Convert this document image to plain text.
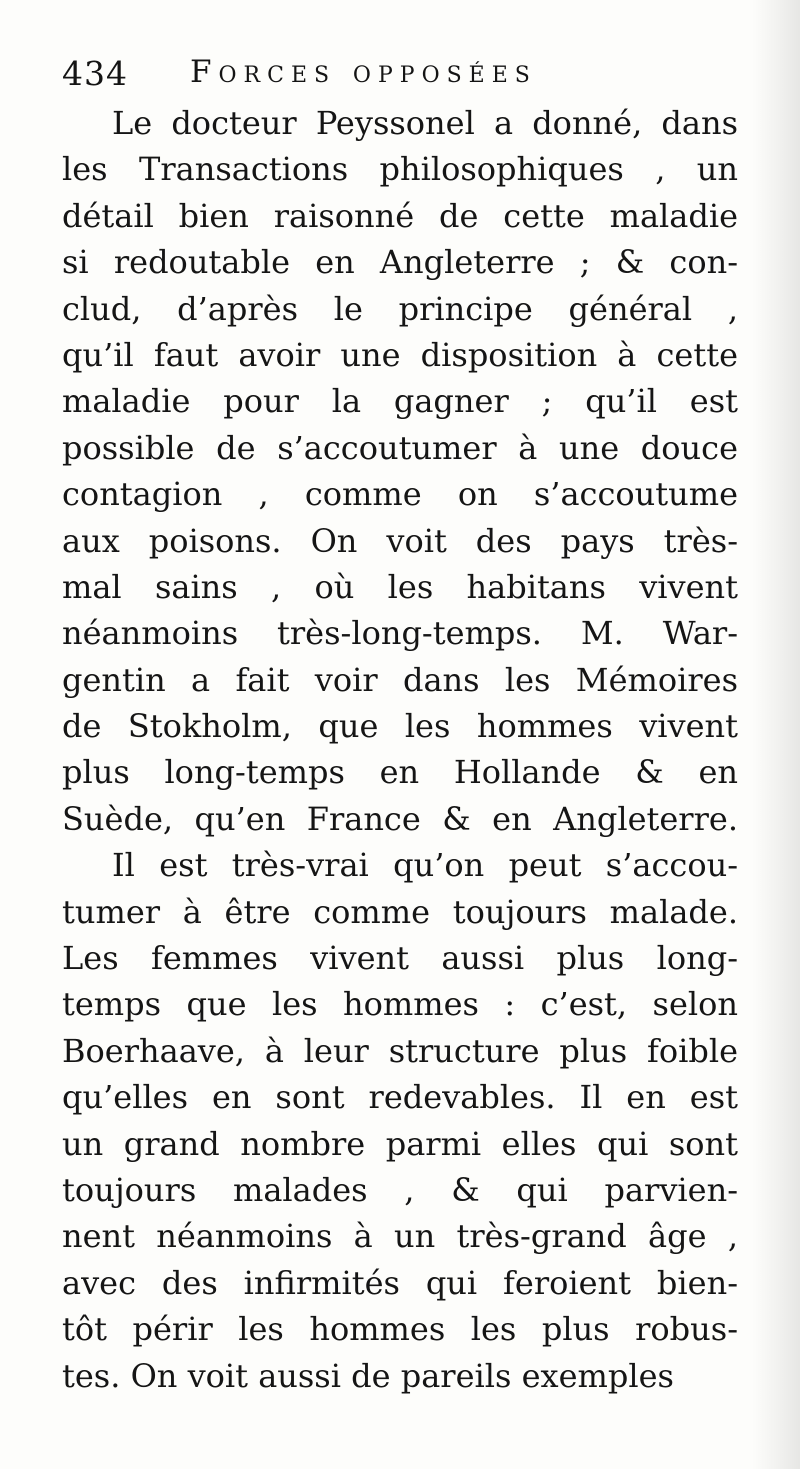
434 Forces opposées
Le docteur Peyssonel a donné, dans
les Transactions philosophiques , un
détail bien raisonné de cette maladie
si redoutable en Angleterre ; & con-
clud, d’après le principe général ,
qu’il faut avoir une disposition à cette
maladie pour la gagner ; qu’il est
possible de s’accoutumer à une douce
contagion , comme on s’accoutume
aux poisons. On voit des pays très-
mal sains , où les habitans vivent
néanmoins très-long-temps. M. War-
gentin a fait voir dans les Mémoires
de Stokholm, que les hommes vivent
plus long-temps en Hollande & en
Suède, qu’en France & en Angleterre.
Il est très-vrai qu’on peut s’accou-
tumer à être comme toujours malade.
Les femmes vivent aussi plus long-
temps que les hommes : c’est, selon
Boerhaave, à leur structure plus foible
qu’elles en sont redevables. Il en est
un grand nombre parmi elles qui sont
toujours malades , & qui parvien-
nent néanmoins à un très-grand âge ,
avec des infirmités qui feroient bien-
tôt périr les hommes les plus robus-
tes. On voit aussi de pareils exemples
